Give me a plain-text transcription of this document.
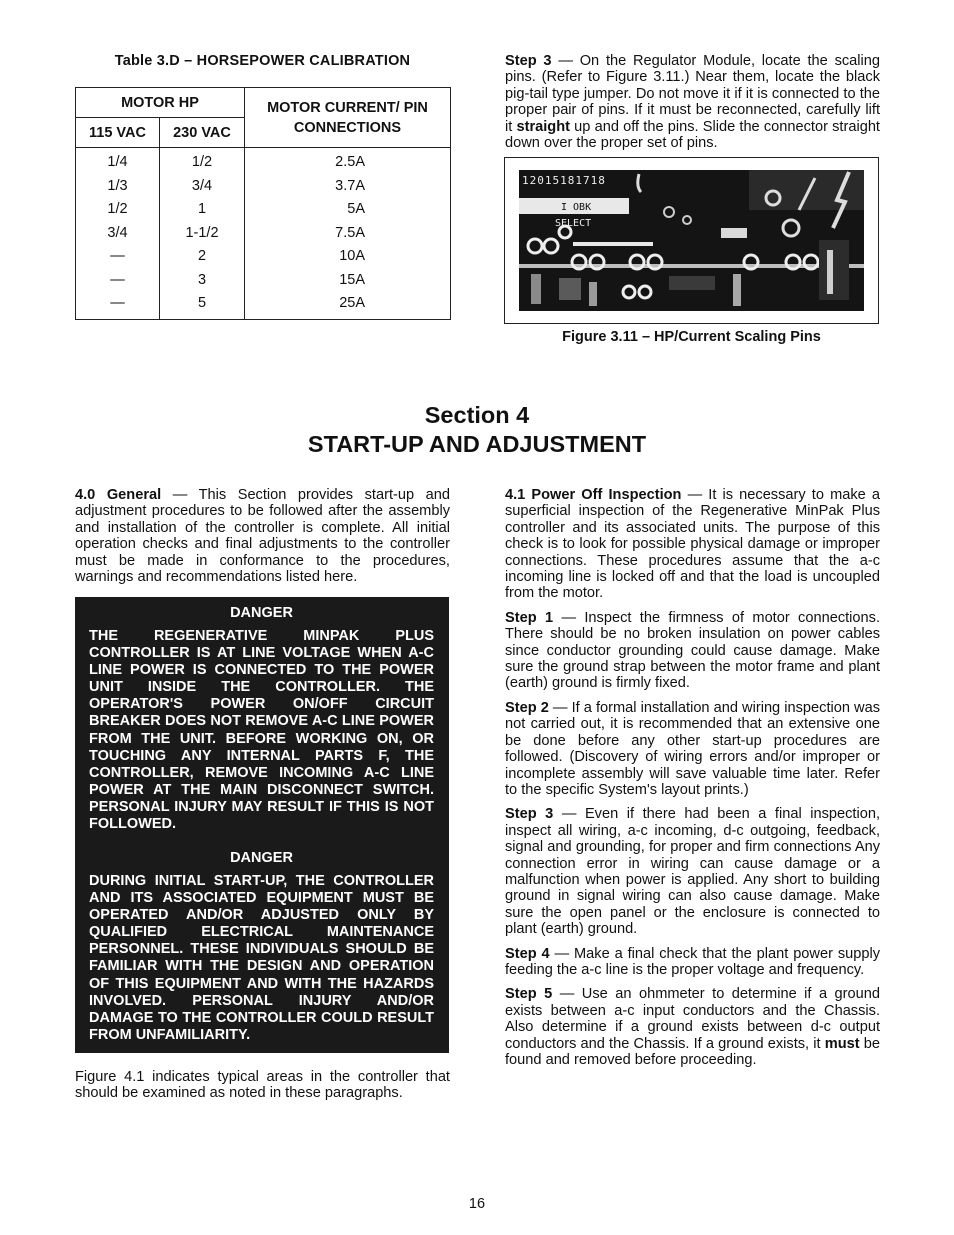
Table 3.D – HORSEPOWER CALIBRATION
MOTOR HP		MOTOR CURRENT/ PIN CONNECTIONS
115 VAC	230 VAC	
1/4	1/2	2.5A
1/3	3/4	3.7A
1/2	1	5A
3/4	1-1/2	7.5A
—	2	10A
—	3	15A
—	5	25A

Step 3 — On the Regulator Module, locate the scaling pins. (Refer to Figure 3.11.) Near them, locate the black pig-tail type jumper. Do not move it if it is connected to the proper pair of pins. If it must be reconnected, carefully lift it straight up and off the pins. Slide the connector straight down over the proper set of pins.

12015181718
I OBK
SELECT
Figure 3.11 – HP/Current Scaling Pins
Section 4
START-UP AND ADJUSTMENT

4.0 General — This Section provides start-up and adjustment procedures to be followed after the assembly and installation of the controller is complete. All initial operation checks and final adjustments to the controller must be made in conformance to the procedures, warnings and recommendations listed here.

DANGER
THE REGENERATIVE MINPAK PLUS CONTROLLER IS AT LINE VOLTAGE WHEN A-C LINE POWER IS CONNECTED TO THE POWER UNIT INSIDE THE CONTROLLER. THE OPERATOR'S POWER ON/OFF CIRCUIT BREAKER DOES NOT REMOVE A-C LINE POWER FROM THE UNIT. BEFORE WORKING ON, OR TOUCHING ANY INTERNAL PARTS F, THE CONTROLLER, REMOVE INCOMING A-C LINE POWER AT THE MAIN DISCONNECT SWITCH. PERSONAL INJURY MAY RESULT IF THIS IS NOT FOLLOWED.
DANGER
DURING INITIAL START-UP, THE CONTROLLER AND ITS ASSOCIATED EQUIPMENT MUST BE OPERATED AND/OR ADJUSTED ONLY BY QUALIFIED ELECTRICAL MAINTENANCE PERSONNEL. THESE INDIVIDUALS SHOULD BE FAMILIAR WITH THE DESIGN AND OPERATION OF THIS EQUIPMENT AND WITH THE HAZARDS INVOLVED. PERSONAL INJURY AND/OR DAMAGE TO THE CONTROLLER COULD RESULT FROM UNFAMILIARITY.

Figure 4.1 indicates typical areas in the controller that should be examined as noted in these paragraphs.

4.1 Power Off Inspection — It is necessary to make a superficial inspection of the Regenerative MinPak Plus controller and its associated units. The purpose of this check is to look for possible physical damage or improper connections. These procedures assume that the a-c incoming line is locked off and that the load is uncoupled from the motor.

Step 1 — Inspect the firmness of motor connections. There should be no broken insulation on power cables since conductor grounding could cause damage. Make sure the ground strap between the motor frame and plant (earth) ground is firmly fixed.

Step 2 — If a formal installation and wiring inspection was not carried out, it is recommended that an extensive one be done before any other start-up procedures are followed. (Discovery of wiring errors and/or improper or incomplete assembly will save valuable time later. Refer to the specific System's layout prints.)

Step 3 — Even if there had been a final inspection, inspect all wiring, a-c incoming, d-c outgoing, feedback, signal and grounding, for proper and firm connections Any connection error in wiring can cause damage or a malfunction when power is applied. Any short to building ground in signal wiring can also cause damage. Make sure the open panel or the enclosure is connected to plant (earth) ground.

Step 4 — Make a final check that the plant power supply feeding the a-c line is the proper voltage and frequency.

Step 5 — Use an ohmmeter to determine if a ground exists between a-c input conductors and the Chassis. Also determine if a ground exists between d-c output conductors and the Chassis. If a ground exists, it must be found and removed before proceeding.

16
